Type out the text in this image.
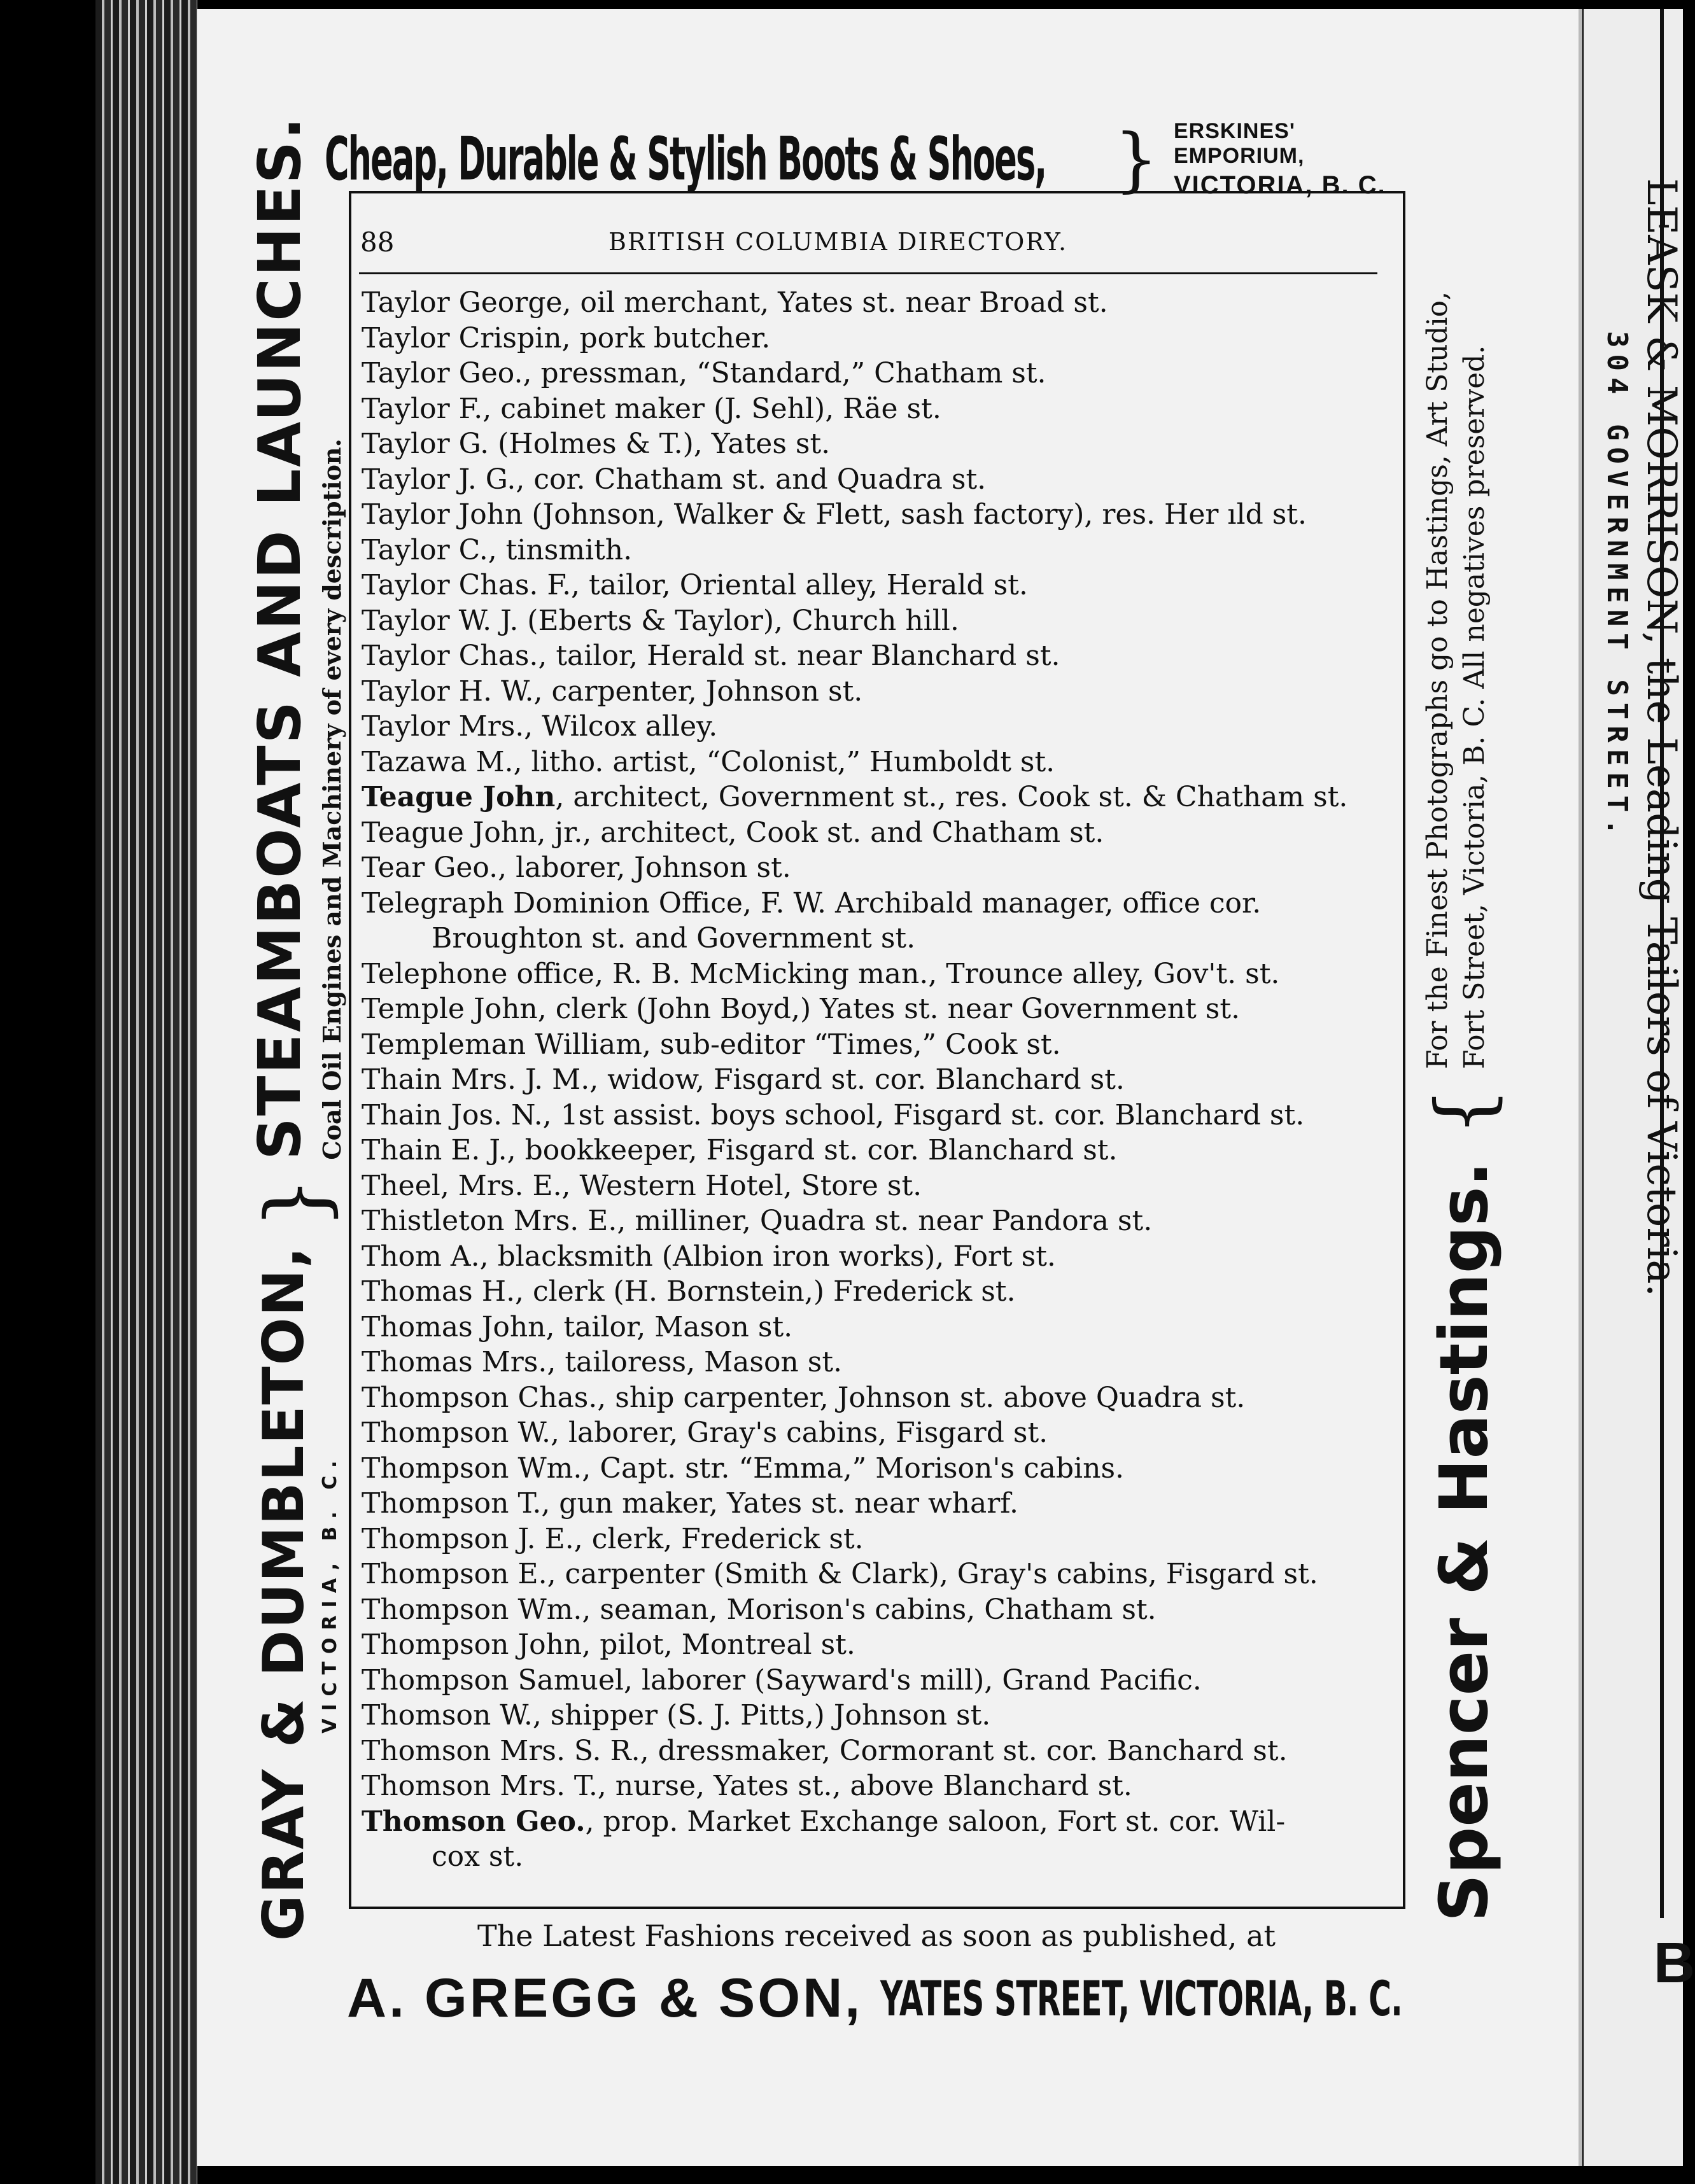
B
Cheap, Durable & Stylish Boots & Shoes, } ERSKINES' EMPORIUM,
VICTORIA, B. C.
GRAY & DUMBLETON, VICTORIA, B. C.
}
STEAMBOATS AND LAUNCHES. Coal Oil Engines and Machinery of every description.
Spencer & Hastings.
{
For the Finest Photographs go to Hastings, Art Studio, Fort Street, Victoria, B. C. All negatives preserved.	LEASK & MORRISON, the Leading Tailors of Victoria.
304 GOVERNMENT STREET.
88	BRITISH COLUMBIA DIRECTORY.
Taylor George, oil merchant, Yates st. near Broad st.
Taylor Crispin, pork butcher.
Taylor Geo., pressman, “Standard,” Chatham st.
Taylor F., cabinet maker (J. Sehl), Räe st.
Taylor G. (Holmes & T.), Yates st.
Taylor J. G., cor. Chatham st. and Quadra st.
Taylor John (Johnson, Walker & Flett, sash factory), res. Her ıld st.
Taylor C., tinsmith.
Taylor Chas. F., tailor, Oriental alley, Herald st.
Taylor W. J. (Eberts & Taylor), Church hill.
Taylor Chas., tailor, Herald st. near Blanchard st.
Taylor H. W., carpenter, Johnson st.
Taylor Mrs., Wilcox alley.
Tazawa M., litho. artist, “Colonist,” Humboldt st.
Teague John, architect, Government st., res. Cook st. & Chatham st.
Teague John, jr., architect, Cook st. and Chatham st.
Tear Geo., laborer, Johnson st.
Telegraph Dominion Office, F. W. Archibald manager, office cor.
Broughton st. and Government st.
Telephone office, R. B. McMicking man., Trounce alley, Gov't. st.
Temple John, clerk (John Boyd,) Yates st. near Government st.
Templeman William, sub-editor “Times,” Cook st.
Thain Mrs. J. M., widow, Fisgard st. cor. Blanchard st.
Thain Jos. N., 1st assist. boys school, Fisgard st. cor. Blanchard st.
Thain E. J., bookkeeper, Fisgard st. cor. Blanchard st.
Theel, Mrs. E., Western Hotel, Store st.
Thistleton Mrs. E., milliner, Quadra st. near Pandora st.
Thom A., blacksmith (Albion iron works), Fort st.
Thomas H., clerk (H. Bornstein,) Frederick st.
Thomas John, tailor, Mason st.
Thomas Mrs., tailoress, Mason st.
Thompson Chas., ship carpenter, Johnson st. above Quadra st.
Thompson W., laborer, Gray's cabins, Fisgard st.
Thompson Wm., Capt. str. “Emma,” Morison's cabins.
Thompson T., gun maker, Yates st. near wharf.
Thompson J. E., clerk, Frederick st.
Thompson E., carpenter (Smith & Clark), Gray's cabins, Fisgard st.
Thompson Wm., seaman, Morison's cabins, Chatham st.
Thompson John, pilot, Montreal st.
Thompson Samuel, laborer (Sayward's mill), Grand Pacific.
Thomson W., shipper (S. J. Pitts,) Johnson st.
Thomson Mrs. S. R., dressmaker, Cormorant st. cor. Banchard st.
Thomson Mrs. T., nurse, Yates st., above Blanchard st.
Thomson Geo., prop. Market Exchange saloon, Fort st. cor. Wil-
cox st.
The Latest Fashions received as soon as published, at
A. GREGG & SON, YATES STREET, VICTORIA, B. C.
